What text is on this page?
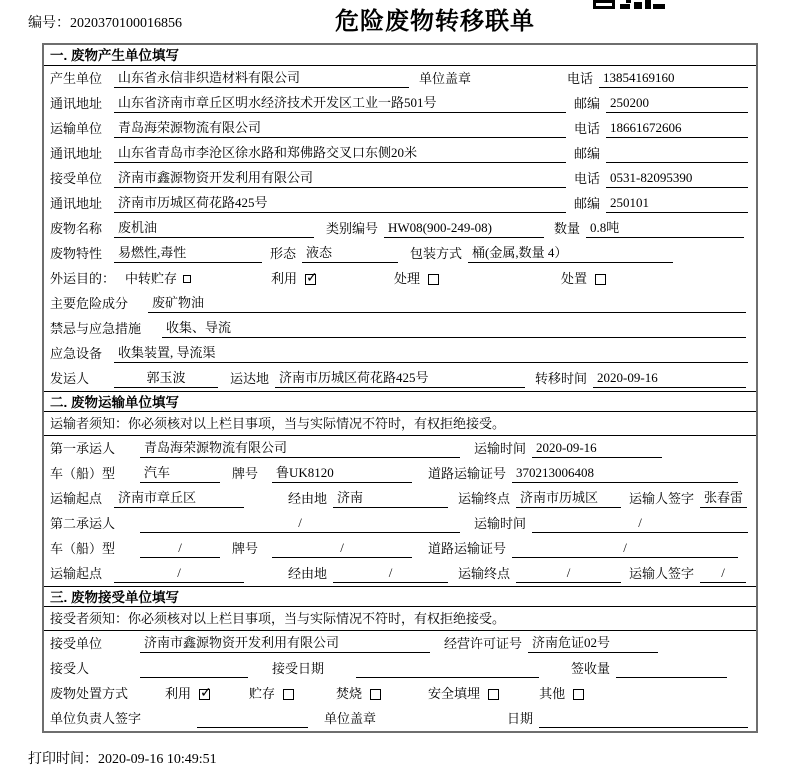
编号：2020370100016856	危险废物转移联单
一. 废物产生单位填写
产生单位	山东省永信非织造材料有限公司	单位盖章	电话 13854169160
通讯地址	山东省济南市章丘区明水经济技术开发区工业一路501号	邮编 250200
运输单位	青岛海荣源物流有限公司	电话 18661672606
通讯地址	山东省青岛市李沧区徐水路和郑佛路交叉口东侧20米	邮编
接受单位	济南市鑫源物资开发利用有限公司	电话 0531-82095390
通讯地址	济南市历城区荷花路425号	邮编 250101
废物名称	废机油	类别编号 HW08(900-249-08)	数量 0.8吨
废物特性	易燃性,毒性	形态 液态	包装方式 桶(金属,数量 4）
外运目的： 中转贮存	利用 ✓	处理	处置
主要危险成分	废矿物油
禁忌与应急措施	收集、导流
应急设备	收集装置, 导流渠
发运人	郭玉波	运达地 济南市历城区荷花路425号	转移时间 2020-09-16
二. 废物运输单位填写
运输者须知：你必须核对以上栏目事项，当与实际情况不符时，有权拒绝接受。
第一承运人	青岛海荣源物流有限公司	运输时间 2020-09-16
车（船）型	汽车	牌号	鲁UK8120	道路运输证号 370213006408
运输起点	济南市章丘区	经由地 济南	运输终点 济南市历城区	运输人签字 张春雷
第二承运人	/	运输时间	/
车（船）型	/	牌号	/	道路运输证号	/
运输起点	/	经由地	/	运输终点	/	运输人签字	/
三. 废物接受单位填写
接受者须知：你必须核对以上栏目事项，当与实际情况不符时，有权拒绝接受。
接受单位	济南市鑫源物资开发利用有限公司	经营许可证号 济南危证02号
接受人	接受日期	签收量
废物处置方式	利用 ✓	贮存	焚烧	安全填埋	其他
单位负责人签字	单位盖章	日期
打印时间：2020-09-16 10:49:51
